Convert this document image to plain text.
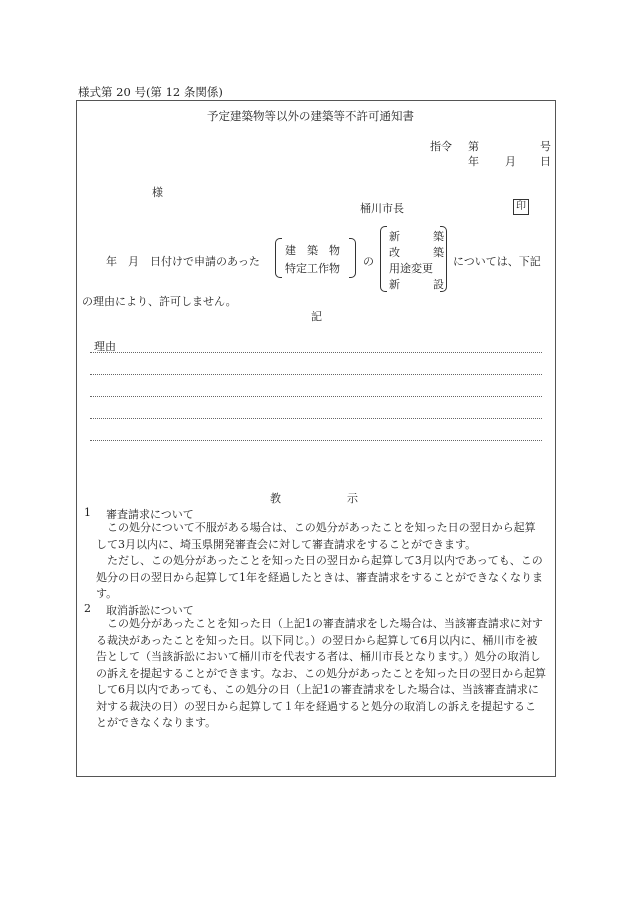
様式第 20 号(第 12 条関係)
予定建築物等以外の建築等不許可通知書
指令 第	号
年 月 日
様
桶川市長	印
年　月　日付けで申請のあった
建　築　物
特定工作物
の
新　　　築
改　　　築
用途変更
新　　　設
については、下記
の理由により、許可しません。
記
理由
教　　　　　　示
1 審査請求について
この処分について不服がある場合は、この処分があったことを知った日の翌日から起算して3月以内に、埼玉県開発審査会に対して審査請求をすることができます。
ただし、この処分があったことを知った日の翌日から起算して3月以内であっても、この処分の日の翌日から起算して1年を経過したときは、審査請求をすることができなくなります。
2 取消訴訟について
この処分があったことを知った日（上記1の審査請求をした場合は、当該審査請求に対する裁決があったことを知った日。以下同じ。）の翌日から起算して6月以内に、桶川市を被告として（当該訴訟において桶川市を代表する者は、桶川市長となります。）処分の取消しの訴えを提起することができます。なお、この処分があったことを知った日の翌日から起算して6月以内であっても、この処分の日（上記1の審査請求をした場合は、当該審査請求に対する裁決の日）の翌日から起算して１年を経過すると処分の取消しの訴えを提起することができなくなります。
